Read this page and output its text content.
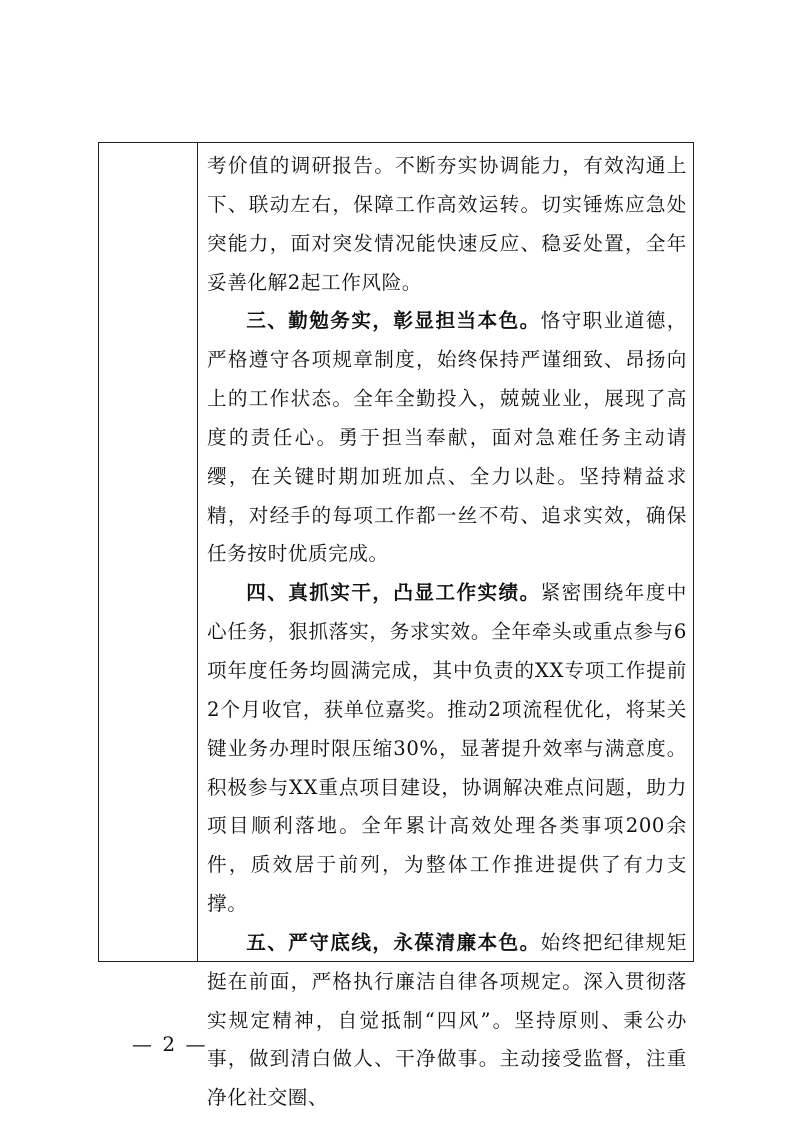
考价值的调研报告。不断夯实协调能力，有效沟通上下、联动左右，保障工作高效运转。切实锤炼应急处突能力，面对突发情况能快速反应、稳妥处置，全年妥善化解2起工作风险。

三、勤勉务实，彰显担当本色。恪守职业道德，严格遵守各项规章制度，始终保持严谨细致、昂扬向上的工作状态。全年全勤投入，兢兢业业，展现了高度的责任心。勇于担当奉献，面对急难任务主动请缨，在关键时期加班加点、全力以赴。坚持精益求精，对经手的每项工作都一丝不苟、追求实效，确保任务按时优质完成。

四、真抓实干，凸显工作实绩。紧密围绕年度中心任务，狠抓落实，务求实效。全年牵头或重点参与6项年度任务均圆满完成，其中负责的XX专项工作提前2个月收官，获单位嘉奖。推动2项流程优化，将某关键业务办理时限压缩30%，显著提升效率与满意度。积极参与XX重点项目建设，协调解决难点问题，助力项目顺利落地。全年累计高效处理各类事项200余件，质效居于前列，为整体工作推进提供了有力支撑。

五、严守底线，永葆清廉本色。始终把纪律规矩挺在前面，严格执行廉洁自律各项规定。深入贯彻落实规定精神，自觉抵制“四风”。坚持原则、秉公办事，做到清白做人、干净做事。主动接受监督，注重净化社交圈、

— 2 —
